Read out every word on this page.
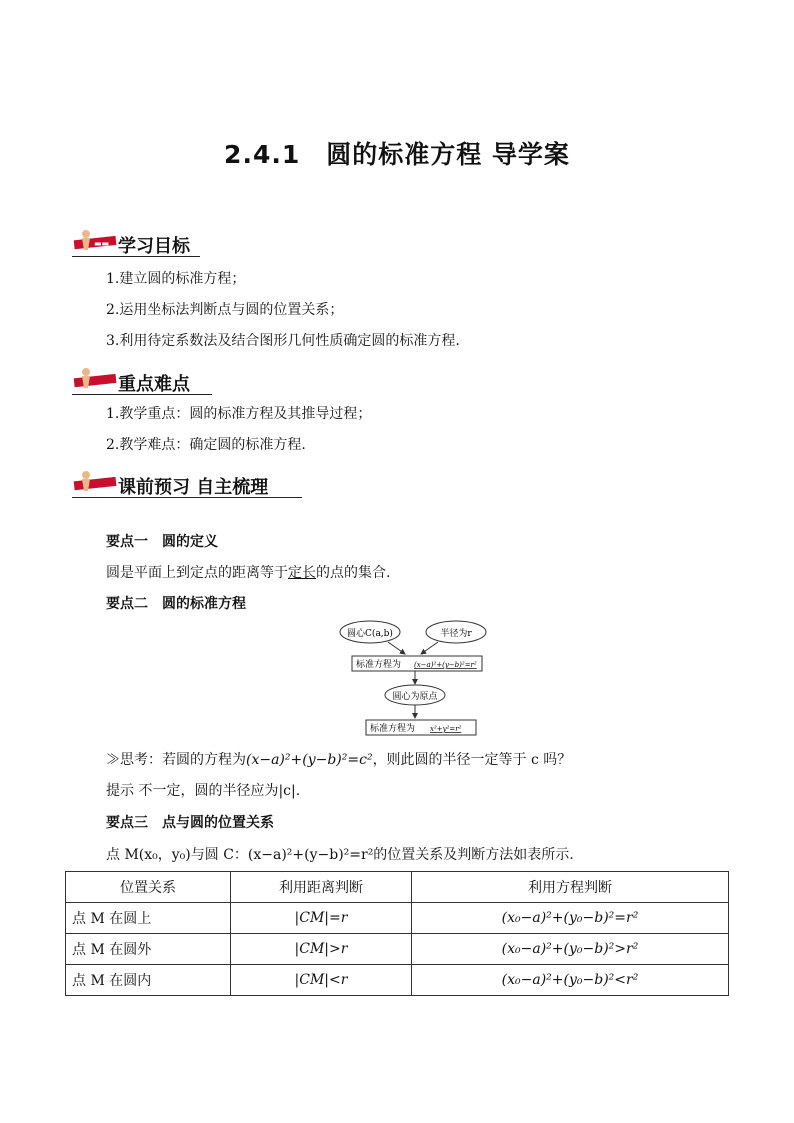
2.4.1　圆的标准方程 导学案
▬▬ 学习目标
1.建立圆的标准方程；
2.运用坐标法判断点与圆的位置关系；
3.利用待定系数法及结合图形几何性质确定圆的标准方程.
重点难点
1.教学重点：圆的标准方程及其推导过程；
2.教学难点：确定圆的标准方程.
课前预习 自主梳理
要点一　圆的定义
圆是平面上到定点的距离等于定长的点的集合.
要点二　圆的标准方程
圆心C(a,b)	半径为r
标准方程为 (x−a)²+(y−b)²=r²
圆心为原点
标准方程为 x²+y²=r²
≫思考：若圆的方程为(x−a)²+(y−b)²=c²，则此圆的半径一定等于 c 吗？
提示 不一定，圆的半径应为|c|.
要点三　点与圆的位置关系
点 M(x₀，y₀)与圆 C：(x−a)²+(y−b)²=r²的位置关系及判断方法如表所示.
位置关系	利用距离判断	利用方程判断
点 M 在圆上	|CM|=r	(x₀−a)²+(y₀−b)²=r²
点 M 在圆外	|CM|>r	(x₀−a)²+(y₀−b)²>r²
点 M 在圆内	|CM|<r	(x₀−a)²+(y₀−b)²<r²
